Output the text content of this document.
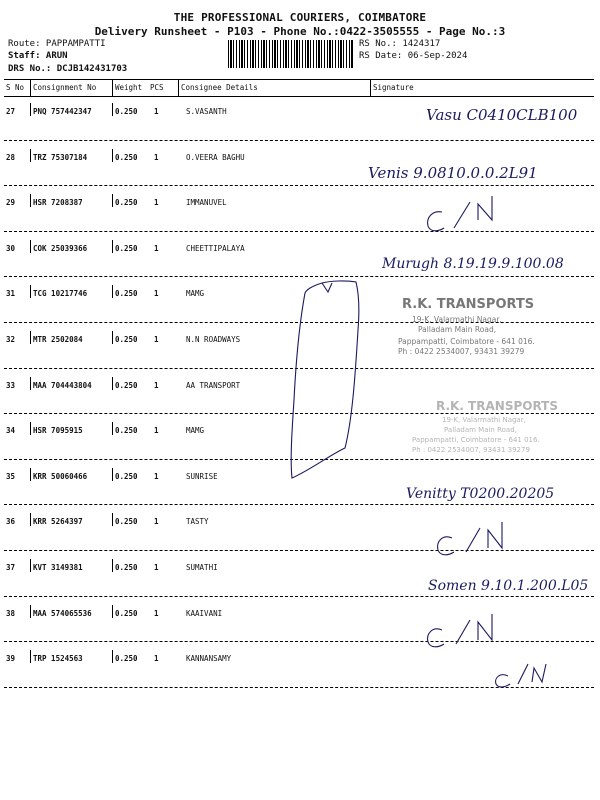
THE PROFESSIONAL COURIERS, COIMBATORE
Delivery Runsheet - P103 - Phone No.:0422-3505555 - Page No.:3
Route: PAPPAMPATTI
Staff: ARUN
DRS No.: DCJB142431703
RS No.: 1424317
RS Date: 06-Sep-2024
S No Consignment No	Weight PCS Consignee Details	Signature
27 PNQ 757442347	0.250 1	S.VASANTH
28 TRZ 75307184	0.250 1	O.VEERA BAGHU
29 HSR 7208387	0.250 1	IMMANUVEL
30 COK 25039366	0.250 1	CHEETTIPALAYA
31 TCG 10217746	0.250 1	MAMG
32 MTR 2502084	0.250 1	N.N ROADWAYS
33 MAA 704443804	0.250 1	AA TRANSPORT
34 HSR 7095915	0.250 1	MAMG
35 KRR 50060466	0.250 1	SUNRISE
36 KRR 5264397	0.250 1	TASTY
37 KVT 3149381	0.250 1	SUMATHI
38 MAA 574065536	0.250 1	KAAIVANI
39 TRP 1524563	0.250 1	KANNANSAMY
Vasu C0410CLB100
Venis 9.0810.0.0.2L91
Murugh 8.19.19.9.100.08
Venitty T0200.20205
Somen 9.10.1.200.L05
R.K. TRANSPORTS
19-K, Valarmathi Nagar,
Palladam Main Road,
Pappampatti, Coimbatore - 641 016.
Ph : 0422 2534007, 93431 39279
R.K. TRANSPORTS
19-K, Valarmathi Nagar,
Palladam Main Road,
Pappampatti, Coimbatore - 641 016.
Ph : 0422 2534007, 93431 39279
